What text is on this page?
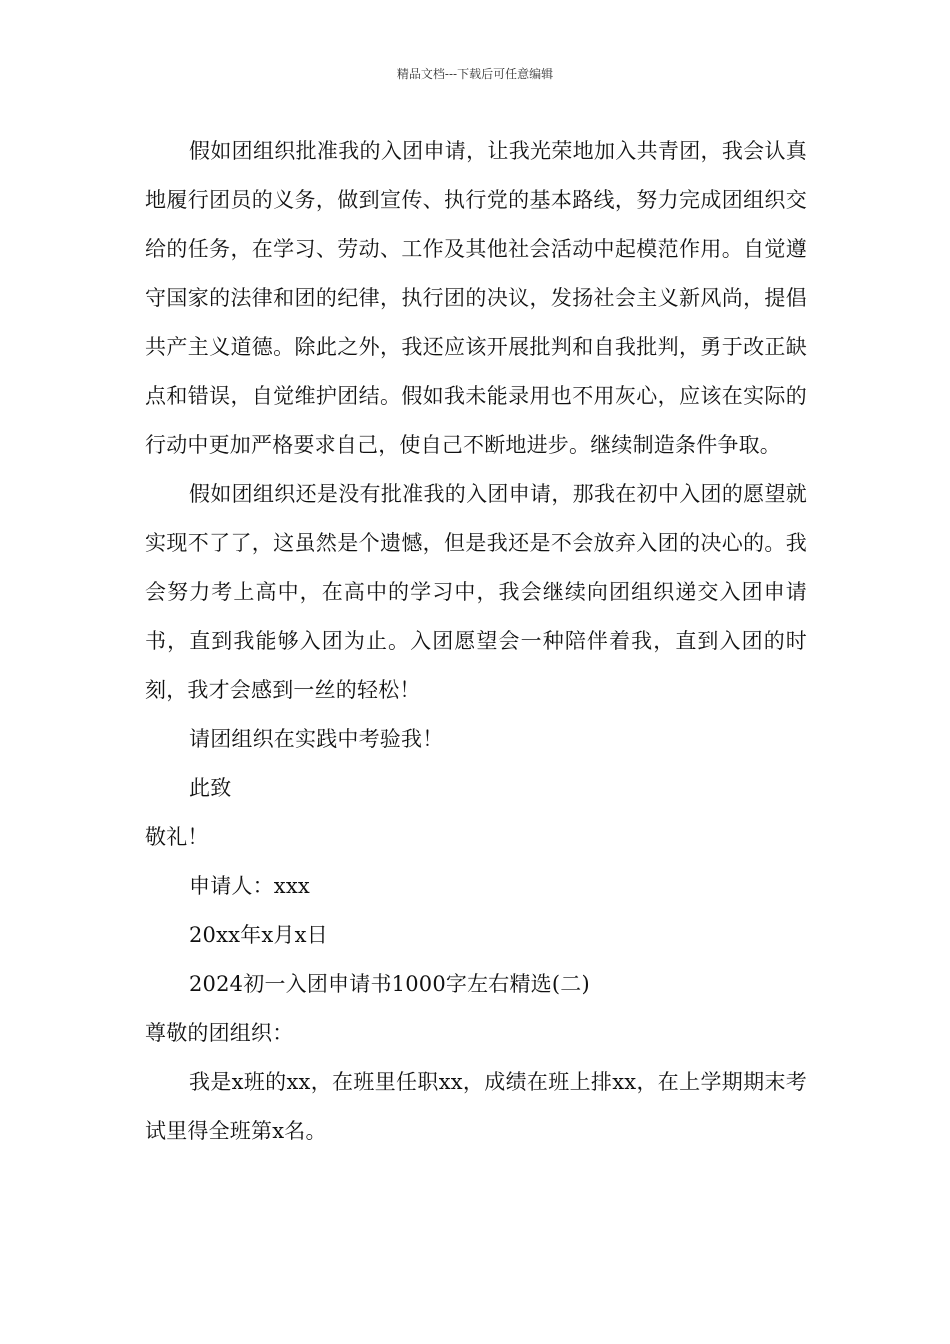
精品文档---下载后可任意编辑

假如团组织批准我的入团申请，让我光荣地加入共青团，我会认真地履行团员的义务，做到宣传、执行党的基本路线，努力完成团组织交给的任务，在学习、劳动、工作及其他社会活动中起模范作用。自觉遵守国家的法律和团的纪律，执行团的决议，发扬社会主义新风尚，提倡共产主义道德。除此之外，我还应该开展批判和自我批判，勇于改正缺点和错误，自觉维护团结。假如我未能录用也不用灰心，应该在实际的行动中更加严格要求自己，使自己不断地进步。继续制造条件争取。

假如团组织还是没有批准我的入团申请，那我在初中入团的愿望就实现不了了，这虽然是个遗憾，但是我还是不会放弃入团的决心的。我会努力考上高中，在高中的学习中，我会继续向团组织递交入团申请书，直到我能够入团为止。入团愿望会一种陪伴着我，直到入团的时刻，我才会感到一丝的轻松！

请团组织在实践中考验我！

此致

敬礼！

申请人：xxx

20xx年x月x日

2024初一入团申请书1000字左右精选(二)

尊敬的团组织：

我是x班的xx，在班里任职xx，成绩在班上排xx，在上学期期末考试里得全班第x名。
